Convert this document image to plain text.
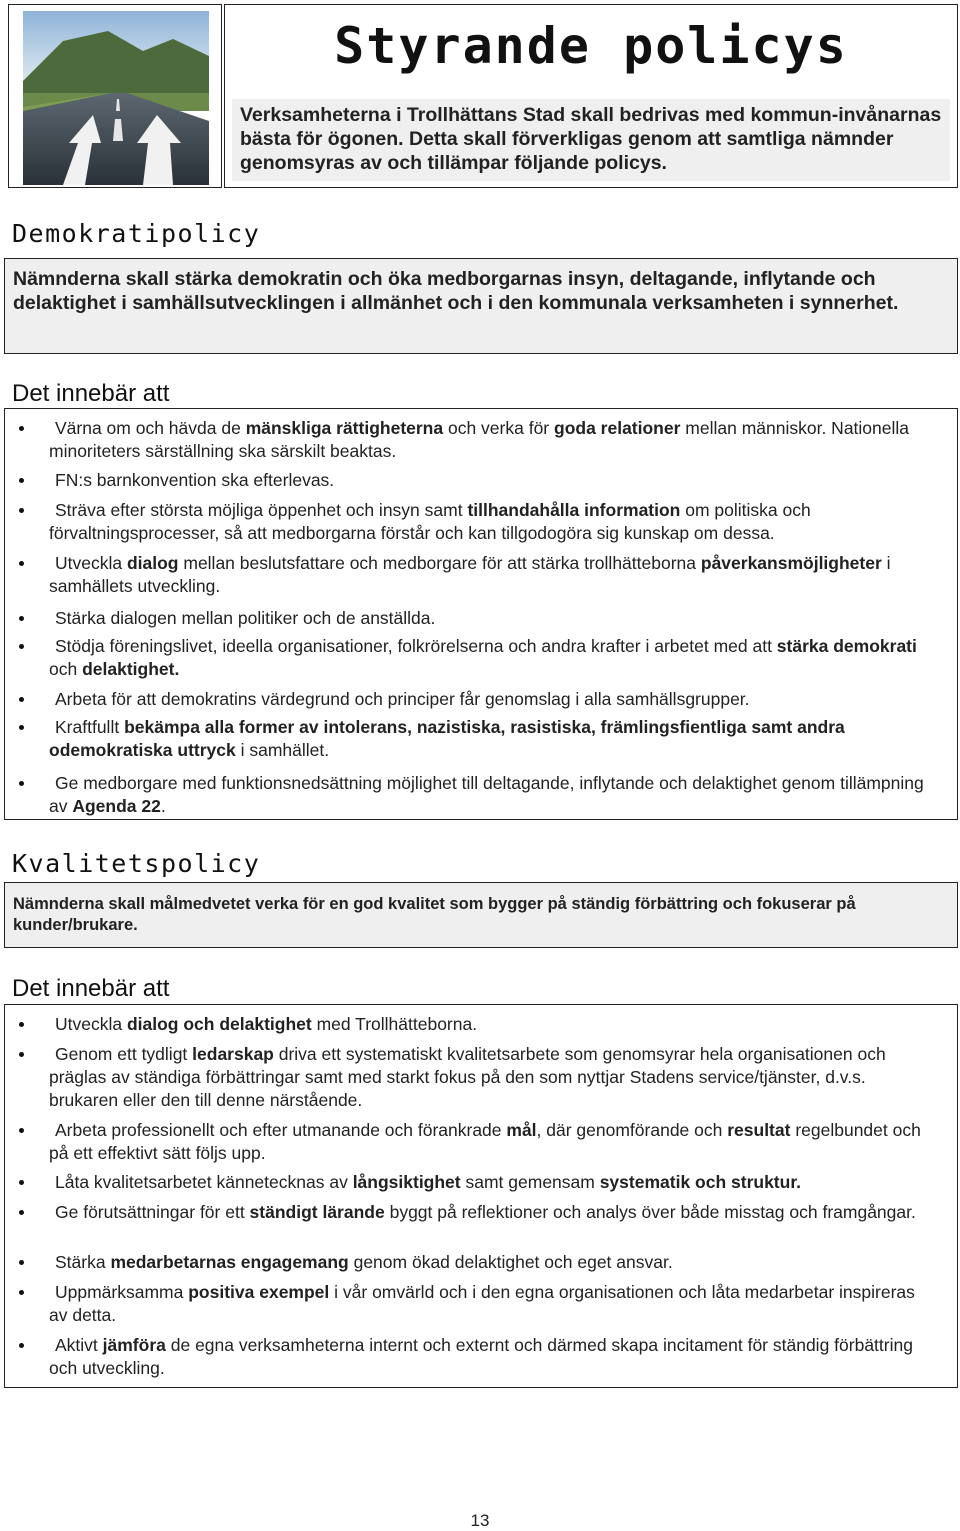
Styrande policys
Verksamheterna i Trollhättans Stad skall bedrivas med kommun-invånarnas bästa för ögonen. Detta skall förverkligas genom att samtliga nämnder genomsyras av och tillämpar följande policys.
Demokratipolicy
Nämnderna skall stärka demokratin och öka medborgarnas insyn, deltagande, inflytande och delaktighet i samhällsutvecklingen i allmänhet och i den kommunala verksamheten i synnerhet.
Det innebär att
Värna om och hävda de mänskliga rättigheterna och verka för goda relationer mellan människor. Nationella minoriteters särställning ska särskilt beaktas.
FN:s barnkonvention ska efterlevas.
Sträva efter största möjliga öppenhet och insyn samt tillhandahålla information om politiska och förvaltningsprocesser, så att medborgarna förstår och kan tillgodogöra sig kunskap om dessa.
Utveckla dialog mellan beslutsfattare och medborgare för att stärka trollhätteborna påverkansmöjligheter i samhällets utveckling.
Stärka dialogen mellan politiker och de anställda.
Stödja föreningslivet, ideella organisationer, folkrörelserna och andra krafter i arbetet med att stärka demokrati och delaktighet.
Arbeta för att demokratins värdegrund och principer får genomslag i alla samhällsgrupper.
Kraftfullt bekämpa alla former av intolerans, nazistiska, rasistiska, främlingsfientliga samt andra odemokratiska uttryck i samhället.
Ge medborgare med funktionsnedsättning möjlighet till deltagande, inflytande och delaktighet genom tillämpning av Agenda 22.
Kvalitetspolicy
Nämnderna skall målmedvetet verka för en god kvalitet som bygger på ständig förbättring och fokuserar på kunder/brukare.
Det innebär att
Utveckla dialog och delaktighet med Trollhätteborna.
Genom ett tydligt ledarskap driva ett systematiskt kvalitetsarbete som genomsyrar hela organisationen och präglas av ständiga förbättringar samt med starkt fokus på den som nyttjar Stadens service/tjänster, d.v.s. brukaren eller den till denne närstående.
Arbeta professionellt och efter utmanande och förankrade mål, där genomförande och resultat regelbundet och på ett effektivt sätt följs upp.
Låta kvalitetsarbetet kännetecknas av långsiktighet samt gemensam systematik och struktur.
Ge förutsättningar för ett ständigt lärande byggt på reflektioner och analys över både misstag och framgångar.
Stärka medarbetarnas engagemang genom ökad delaktighet och eget ansvar.
Uppmärksamma positiva exempel i vår omvärld och i den egna organisationen och låta medarbetar inspireras av detta.
Aktivt jämföra de egna verksamheterna internt och externt och därmed skapa incitament för ständig förbättring och utveckling.
13
